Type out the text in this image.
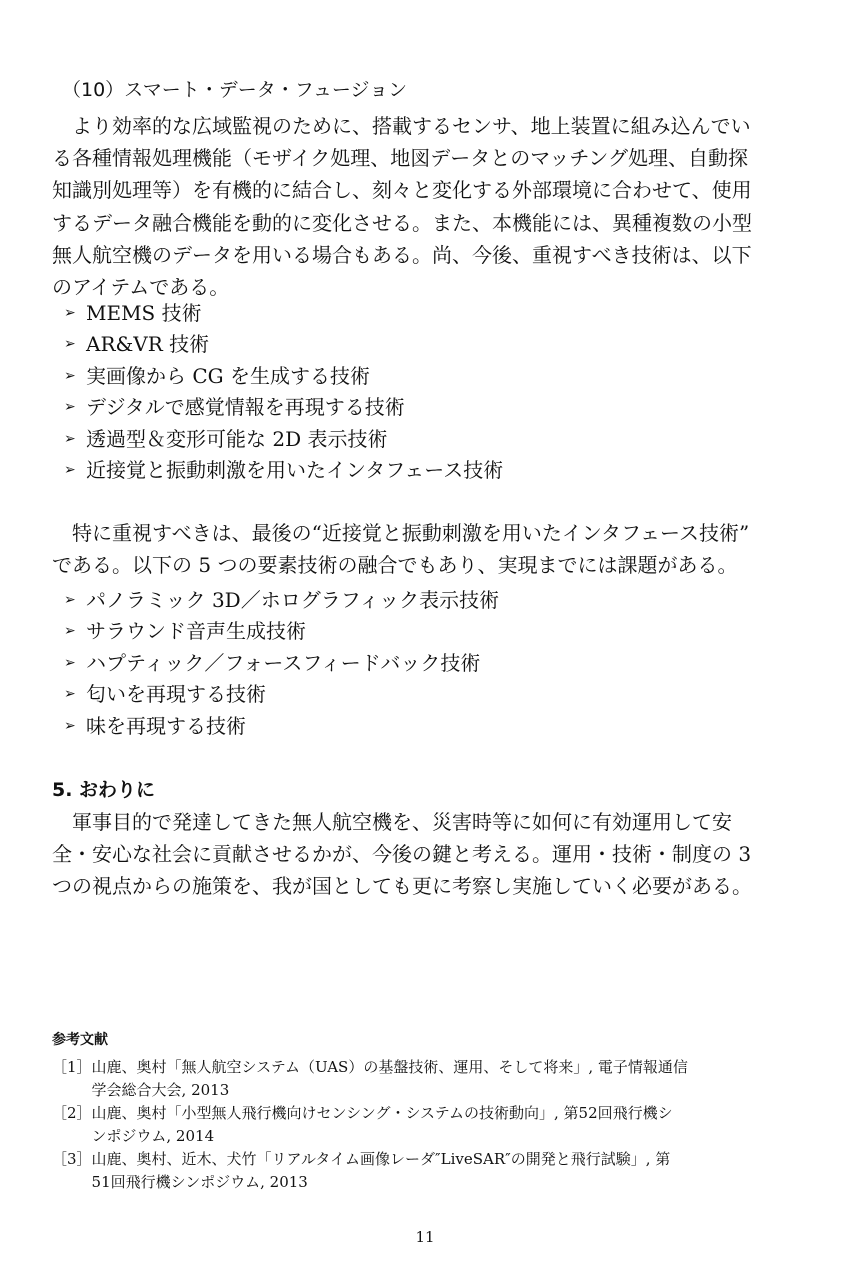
（10）スマート・データ・フュージョン

より効率的な広域監視のために、搭載するセンサ、地上装置に組み込んでい
る各種情報処理機能（モザイク処理、地図データとのマッチング処理、自動探
知識別処理等）を有機的に結合し、刻々と変化する外部環境に合わせて、使用
するデータ融合機能を動的に変化させる。また、本機能には、異種複数の小型
無人航空機のデータを用いる場合もある。尚、今後、重視すべき技術は、以下
のアイテムである。

➢ MEMS 技術
➢ AR&VR 技術
➢ 実画像から CG を生成する技術
➢ デジタルで感覚情報を再現する技術
➢ 透過型＆変形可能な 2D 表示技術
➢ 近接覚と振動刺激を用いたインタフェース技術

特に重視すべきは、最後の“近接覚と振動刺激を用いたインタフェース技術”
である。以下の 5 つの要素技術の融合でもあり、実現までには課題がある。

➢ パノラミック 3D／ホログラフィック表示技術
➢ サラウンド音声生成技術
➢ ハプティック／フォースフィードバック技術
➢ 匂いを再現する技術
➢ 味を再現する技術
5. おわりに

軍事目的で発達してきた無人航空機を、災害時等に如何に有効運用して安
全・安心な社会に貢献させるかが、今後の鍵と考える。運用・技術・制度の 3
つの視点からの施策を、我が国としても更に考察し実施していく必要がある。

参考文献
［1］ 山鹿、奥村「無人航空システム（UAS）の基盤技術、運用、そして将来」, 電子情報通信
学会総合大会, 2013
［2］ 山鹿、奥村「小型無人飛行機向けセンシング・システムの技術動向」, 第52回飛行機シ
ンポジウム, 2014
［3］ 山鹿、奥村、近木、犬竹「リアルタイム画像レーダ″LiveSAR″の開発と飛行試験」, 第
51回飛行機シンポジウム, 2013
11
